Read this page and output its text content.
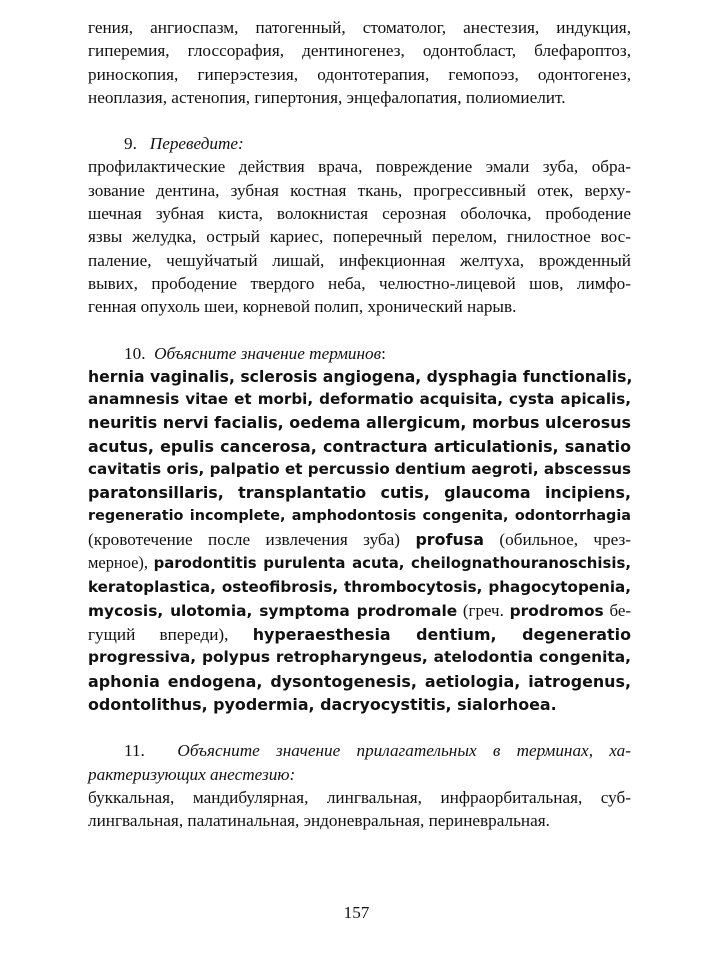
гения, ангиоспазм, патогенный, стоматолог, анестезия, индукция,
гиперемия, глоссорафия, дентиногенез, одонтобласт, блефароптоз,
риноскопия, гиперэстезия, одонтотерапия, гемопоэз, одонтогенез,
неоплазия, астенопия, гипертония, энцефалопатия, полиомиелит.
9. Переведите:
профилактические действия врача, повреждение эмали зуба, обра-
зование дентина, зубная костная ткань, прогрессивный отек, верху-
шечная зубная киста, волокнистая серозная оболочка, прободение
язвы желудка, острый кариес, поперечный перелом, гнилостное вос-
паление, чешуйчатый лишай, инфекционная желтуха, врожденный
вывих, прободение твердого неба, челюстно-лицевой шов, лимфо-
генная опухоль шеи, корневой полип, хронический нарыв.
10. Объясните значение терминов:
hernia vaginalis, sclerosis angiogena, dysphagia functionalis,
anamnesis vitae et morbi, deformatio acquisita, cysta apicalis,
neuritis nervi facialis, oedema allergicum, morbus ulcerosus
acutus, epulis cancerosa, contractura articulationis, sanatio
cavitatis oris, palpatio et percussio dentium aegroti, abscessus
paratonsillaris, transplantatio cutis, glaucoma incipiens,
regeneratio incomplete, amphodontosis congenita, odontorrhagia
(кровотечение после извлечения зуба) profusa (обильное, чрез-
мерное), parodontitis purulenta acuta, cheilognathouranoschisis,
keratoplastica, osteofibrosis, thrombocytosis, phagocytopenia,
mycosis, ulotomia, symptoma prodromale (греч. prodromos бе-
гущий впереди), hyperaesthesia dentium, degeneratio
progressiva, polypus retropharyngeus, atelodontia congenita,
aphonia endogena, dysontogenesis, aetiologia, iatrogenus,
odontolithus, pyodermia, dacryocystitis, sialorhoea.
11. Объясните значение прилагательных в терминах, ха-
рактеризующих анестезию:
буккальная, мандибулярная, лингвальная, инфраорбитальная, суб-
лингвальная, палатинальная, эндоневральная, периневральная.
157
